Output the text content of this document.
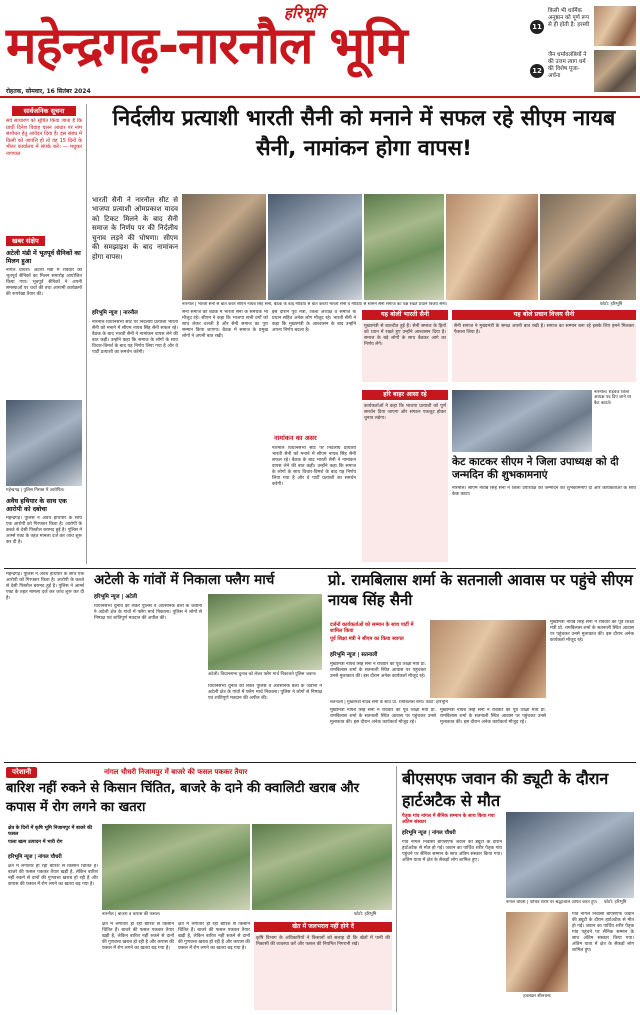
हरिभूमि
महेन्द्रगढ़-नारनौल भूमि
रोहतक, सोमवार, 16 सितंबर 2024
11
किसी भी धार्मिक अनुष्ठान को पूर्ण रूप से ही होती है: हरस्वी
12
जैन धर्मावलंबियों ने की उत्तम त्याग धर्म की विशेष पूजा-अर्चना
सार्वजनिक सूचना
सर्व साधारण को सूचित किया जाता है कि प्रार्थी दिनेश विवाह चलन आधार पर नाम संशोधन हेतु आवेदन दिया है। इस संबंध में किसी को आपत्ति हो तो वह 15 दिनों के भीतर कार्यालय में संपर्क करें। — मधुकर नागपाल
खबर संक्षेप
अटेली मंडी में भूतपूर्व सैनिकों का मिलन हुआ
नांगल चौधरी। अटेली मंडी में रविवार को भूतपूर्व सैनिकों का मिलन समारोह आयोजित किया गया। भूतपूर्व सैनिकों ने अपनी समस्याओं पर चर्चा की तथा आगामी कार्यक्रमों की रूपरेखा तैयार की।
महेन्द्रगढ़ | पुलिस गिरफ्त में आरोपित।
अवैध हथियार के साथ एक आरोपी को दबोचा
महेन्द्रगढ़। पुलिस ने अवैध हथियार के साथ एक आरोपी को गिरफ्तार किया है। आरोपी के कब्जे से देसी पिस्तौल बरामद हुई है। पुलिस ने आर्म्स एक्ट के तहत मामला दर्ज कर जांच शुरू कर दी है।
निर्दलीय प्रत्याशी भारती सैनी को मनाने में सफल रहे सीएम नायब सैनी, नामांकन होगा वापस!
भारती सैनी ने नारनौल सीट से भाजपा प्रत्याशी ओमप्रकाश यादव को टिकट मिलने के बाद सैनी समाज के निर्णय पर की निर्दलीय चुनाव लड़ने की घोषणा। सीएम की समझाइश के बाद नामांकन होगा वापस।
नारनौल | भारती सैनी से बात करते सीएम नायब सिंह सैनी, बैठक के बाद मीडिया से बात करती भारती सैनी व मीडिया से सामने सैनी समाज का पक्ष रखते प्रधान विजय सैनी।	फोटो: हरिभूमि
हरिभूमि न्यूज | नारनौल
नारनौल विधानसभा सीट पर निर्दलीय प्रत्याशी भारती सैनी को मनाने में सीएम नायब सिंह सैनी सफल रहे। बैठक के बाद भारती सैनी ने नामांकन वापस लेने की बात कही। उन्होंने कहा कि समाज के लोगों के साथ विचार-विमर्श के बाद यह निर्णय लिया गया है और वे पार्टी प्रत्याशी का समर्थन करेंगी।
सैनी समाज की बैठक में भारती सैनी के समर्थक भी मौजूद रहे। सीएम ने कहा कि भाजपा सभी वर्गों को साथ लेकर चलती है और सैनी समाज का पूरा सम्मान किया जाएगा। बैठक में समाज के प्रमुख लोगों ने अपनी बात रखी।
इस दौरान पूर्व मंत्री, जिला अध्यक्ष व समाज के प्रधान सहित अनेक लोग मौजूद रहे। भारती सैनी ने कहा कि मुख्यमंत्री के आश्वासन के बाद उन्होंने अपना निर्णय बदला है।
नामांकन का असर
नारनौल विधानसभा सीट पर निर्दलीय प्रत्याशी भारती सैनी को मनाने में सीएम नायब सिंह सैनी सफल रहे। बैठक के बाद भारती सैनी ने नामांकन वापस लेने की बात कही। उन्होंने कहा कि समाज के लोगों के साथ विचार-विमर्श के बाद यह निर्णय लिया गया है और वे पार्टी प्रत्याशी का समर्थन करेंगी।
यह बोलीं भारती सैनी
मुख्यमंत्री से बातचीत हुई है। सैनी समाज के हितों को ध्यान में रखते हुए उन्होंने आश्वासन दिया है। समाज के बड़े लोगों के साथ बैठकर आगे का निर्णय लेंगे।
यह बोले प्रधान विजय सैनी
सैनी समाज ने मुख्यमंत्री के समक्ष अपनी बात रखी है। समाज का सम्मान बना रहे इसके लिए हमने मिलकर फैसला लिया है।
हरि बाहर आसा रहे
कार्यकर्ताओं ने कहा कि भाजपा प्रत्याशी को पूर्ण समर्थन दिया जाएगा और संगठन एकजुट होकर चुनाव लड़ेगा।
नारनौल। रोड़वेज जिला अध्यक्ष पद दिए जाने पर कैट काटते।
केट काटकर सीएम ने जिला उपाध्यक्ष को दी जन्मदिन की शुभकामनाएं
नारनौल। सीएम नायब सिंह सैनी ने जिला उपाध्यक्ष को जन्मदिन की शुभकामनाएं दीं और कार्यकर्ताओं के साथ केक काटा।
अटेली के गांवों में निकाला फ्लैग मार्च
हरिभूमि न्यूज | अटेली
विधानसभा चुनाव को लेकर पुलिस व अर्धसैनिक बलों के जवानों ने अटेली क्षेत्र के गांवों में फ्लैग मार्च निकाला। पुलिस ने लोगों से निष्पक्ष एवं शांतिपूर्ण मतदान की अपील की।
अटेली। विधानसभा चुनाव को लेकर फ्लैग मार्च निकालते पुलिस जवान।
विधानसभा चुनाव को लेकर पुलिस व अर्धसैनिक बलों के जवानों ने अटेली क्षेत्र के गांवों में फ्लैग मार्च निकाला। पुलिस ने लोगों से निष्पक्ष एवं शांतिपूर्ण मतदान की अपील की।
प्रो. रामबिलास शर्मा के सतनाली आवास पर पहुंचे सीएम नायब सिंह सैनी
दर्जनों कार्यकर्ताओं को सम्मान के साथ पार्टी में शामिल किया
पूर्व शिक्षा मंत्री ने सीएम का किया स्वागत
सतनाली | मुख्यमंत्री नायब सैनी के साथ प्रो. रामबिलास शर्मा। फोटो: हरिभूमि
हरिभूमि न्यूज | सतनाली
मुख्यमंत्री नायब सिंह सैनी ने रविवार को पूर्व शिक्षा मंत्री प्रो. रामबिलास शर्मा के सतनाली स्थित आवास पर पहुंचकर उनसे मुलाकात की। इस दौरान अनेक कार्यकर्ता मौजूद रहे।
मुख्यमंत्री नायब सिंह सैनी ने रविवार को पूर्व शिक्षा मंत्री प्रो. रामबिलास शर्मा के सतनाली स्थित आवास पर पहुंचकर उनसे मुलाकात की। इस दौरान अनेक कार्यकर्ता मौजूद रहे।
मुख्यमंत्री नायब सिंह सैनी ने रविवार को पूर्व शिक्षा मंत्री प्रो. रामबिलास शर्मा के सतनाली स्थित आवास पर पहुंचकर उनसे मुलाकात की। इस दौरान अनेक कार्यकर्ता मौजूद रहे।
मुख्यमंत्री नायब सिंह सैनी ने रविवार को पूर्व शिक्षा मंत्री प्रो. रामबिलास शर्मा के सतनाली स्थित आवास पर पहुंचकर उनसे मुलाकात की। इस दौरान अनेक कार्यकर्ता मौजूद रहे।
महेन्द्रगढ़। पुलिस ने अवैध हथियार के साथ एक आरोपी को गिरफ्तार किया है। आरोपी के कब्जे से देसी पिस्तौल बरामद हुई है। पुलिस ने आर्म्स एक्ट के तहत मामला दर्ज कर जांच शुरू कर दी है।
परेशानी	नांगल चौधरी निजामपुर में बाजरे की फसल पककर तैयार
बारिश नहीं रुकने से किसान चिंतित, बाजरे के दाने की क्वालिटी खराब और कपास में रोग लगने का खतरा
क्षेत्र के दिनों में कृषि भूमि निजामपुर में बाजरे की फसल
पाला खत्म उत्पादन में भारी रोग
हरिभूमि न्यूज | नांगल चौधरी
क्षेत्र में लगातार हो रही बारिश से किसान चिंतित हैं। बाजरे की फसल पककर तैयार खड़ी है, लेकिन बारिश नहीं रुकने से दानों की गुणवत्ता खराब हो रही है और कपास की फसल में रोग लगने का खतरा बढ़ गया है।
नारनौल | बाजरा व कपास की फसल।	फोटो: हरिभूमि
क्षेत्र में लगातार हो रही बारिश से किसान चिंतित हैं। बाजरे की फसल पककर तैयार खड़ी है, लेकिन बारिश नहीं रुकने से दानों की गुणवत्ता खराब हो रही है और कपास की फसल में रोग लगने का खतरा बढ़ गया है।
क्षेत्र में लगातार हो रही बारिश से किसान चिंतित हैं। बाजरे की फसल पककर तैयार खड़ी है, लेकिन बारिश नहीं रुकने से दानों की गुणवत्ता खराब हो रही है और कपास की फसल में रोग लगने का खतरा बढ़ गया है।
खेत में जलभराव नहीं होने दें
कृषि विभाग के अधिकारियों ने किसानों को सलाह दी कि खेतों में पानी की निकासी की व्यवस्था करें और फसल की नियमित निगरानी रखें।
बीएसएफ जवान की ड्यूटी के दौरान हार्टअटैक से मौत
पैतृक गांव नांगल में सैनिक सम्मान के साथ किया गया अंतिम संस्कार
हरिभूमि न्यूज | नांगल चौधरी
गांव नांगल निवासी बीएसएफ जवान की ड्यूटी के दौरान हार्टअटैक से मौत हो गई। जवान का पार्थिव शरीर पैतृक गांव पहुंचने पर सैनिक सम्मान के साथ अंतिम संस्कार किया गया। अंतिम यात्रा में क्षेत्र के सैकड़ों लोग शामिल हुए।
नांगल चौधरी | पार्थिव शरीर पर श्रद्धांजलि अर्पित करते हुए।	फोटो: हरिभूमि
हवलदार शीलचन्द
गांव नांगल निवासी बीएसएफ जवान की ड्यूटी के दौरान हार्टअटैक से मौत हो गई। जवान का पार्थिव शरीर पैतृक गांव पहुंचने पर सैनिक सम्मान के साथ अंतिम संस्कार किया गया। अंतिम यात्रा में क्षेत्र के सैकड़ों लोग शामिल हुए।
